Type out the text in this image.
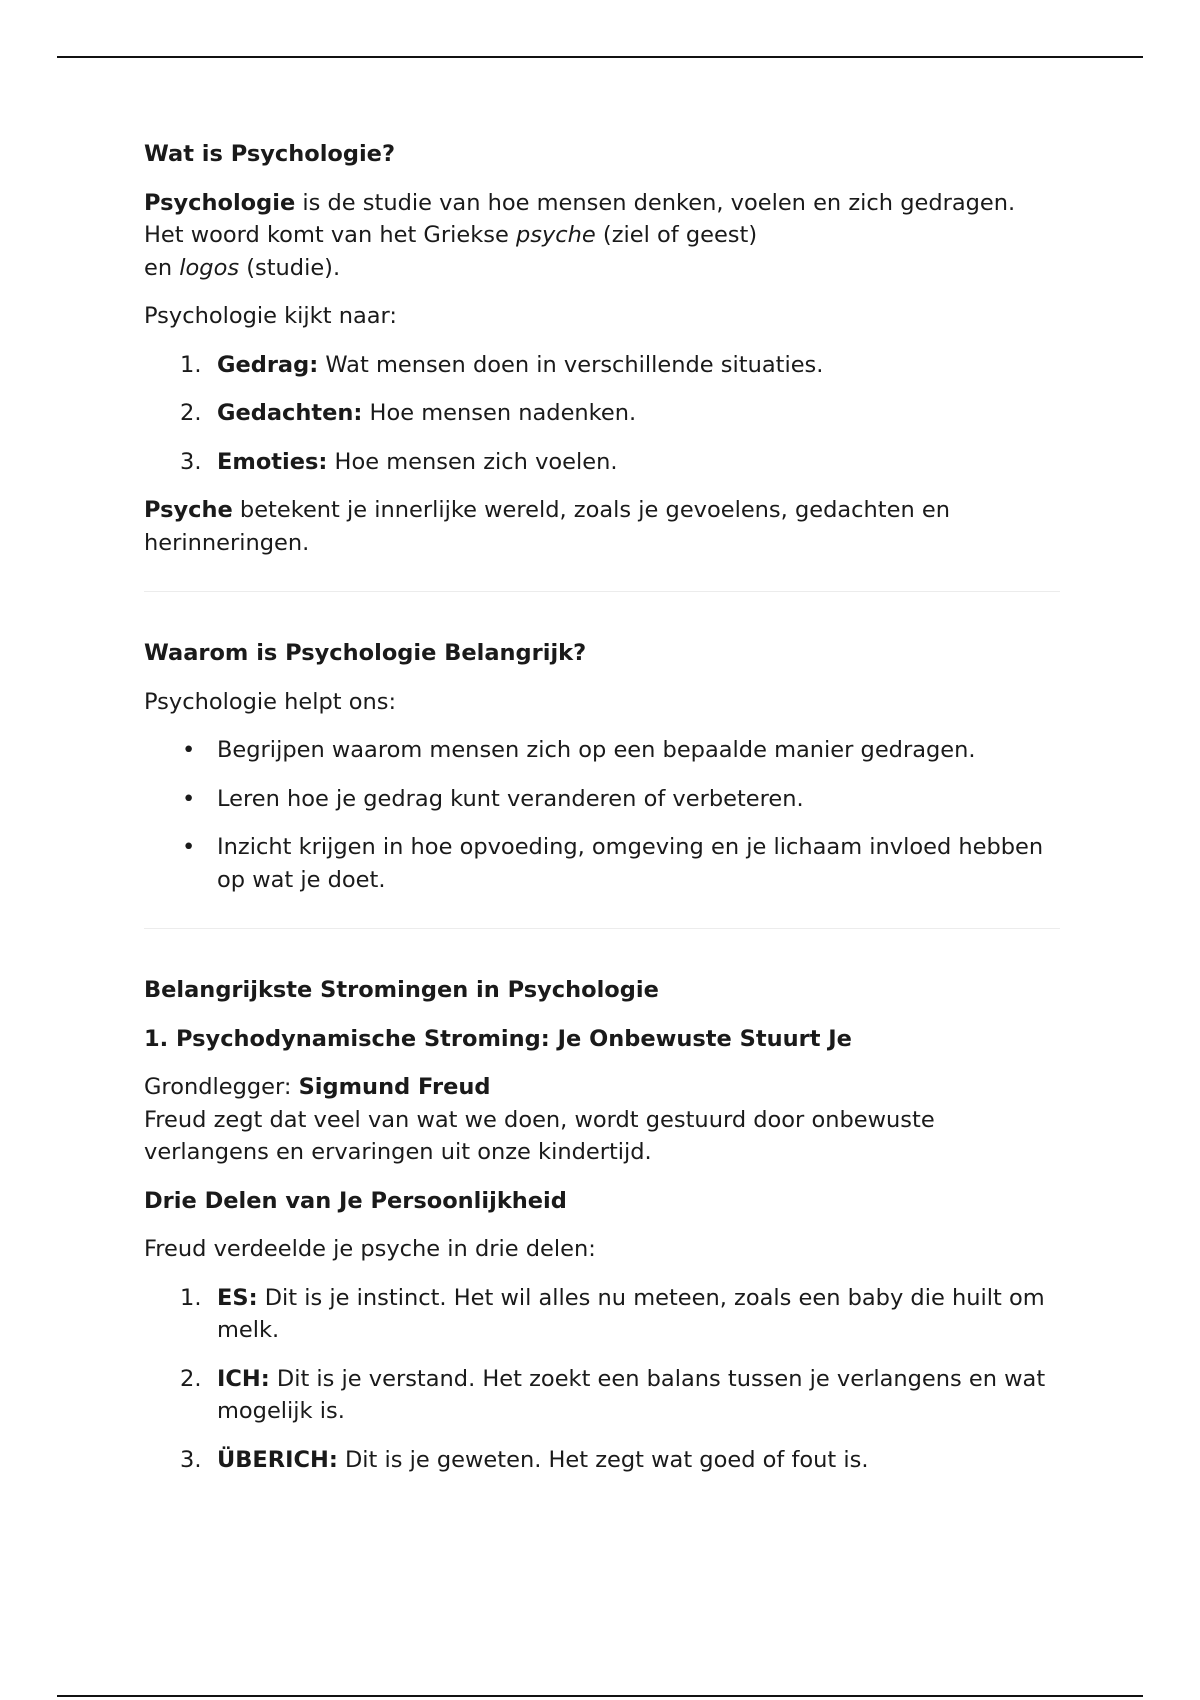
Wat is Psychologie?

Psychologie is de studie van hoe mensen denken, voelen en zich gedragen. Het woord komt van het Griekse psyche (ziel of geest)
en logos (studie).

Psychologie kijkt naar:

1. Gedrag: Wat mensen doen in verschillende situaties.
2. Gedachten: Hoe mensen nadenken.
3. Emoties: Hoe mensen zich voelen.

Psyche betekent je innerlijke wereld, zoals je gevoelens, gedachten en herinneringen.

Waarom is Psychologie Belangrijk?

Psychologie helpt ons:

• Begrijpen waarom mensen zich op een bepaalde manier gedragen.
• Leren hoe je gedrag kunt veranderen of verbeteren.
• Inzicht krijgen in hoe opvoeding, omgeving en je lichaam invloed hebben op wat je doet.
Belangrijkste Stromingen in Psychologie
1. Psychodynamische Stroming: Je Onbewuste Stuurt Je

Grondlegger: Sigmund Freud
Freud zegt dat veel van wat we doen, wordt gestuurd door onbewuste verlangens en ervaringen uit onze kindertijd.

Drie Delen van Je Persoonlijkheid

Freud verdeelde je psyche in drie delen:

1. ES: Dit is je instinct. Het wil alles nu meteen, zoals een baby die huilt om melk.
2. ICH: Dit is je verstand. Het zoekt een balans tussen je verlangens en wat mogelijk is.
3. ÜBERICH: Dit is je geweten. Het zegt wat goed of fout is.
